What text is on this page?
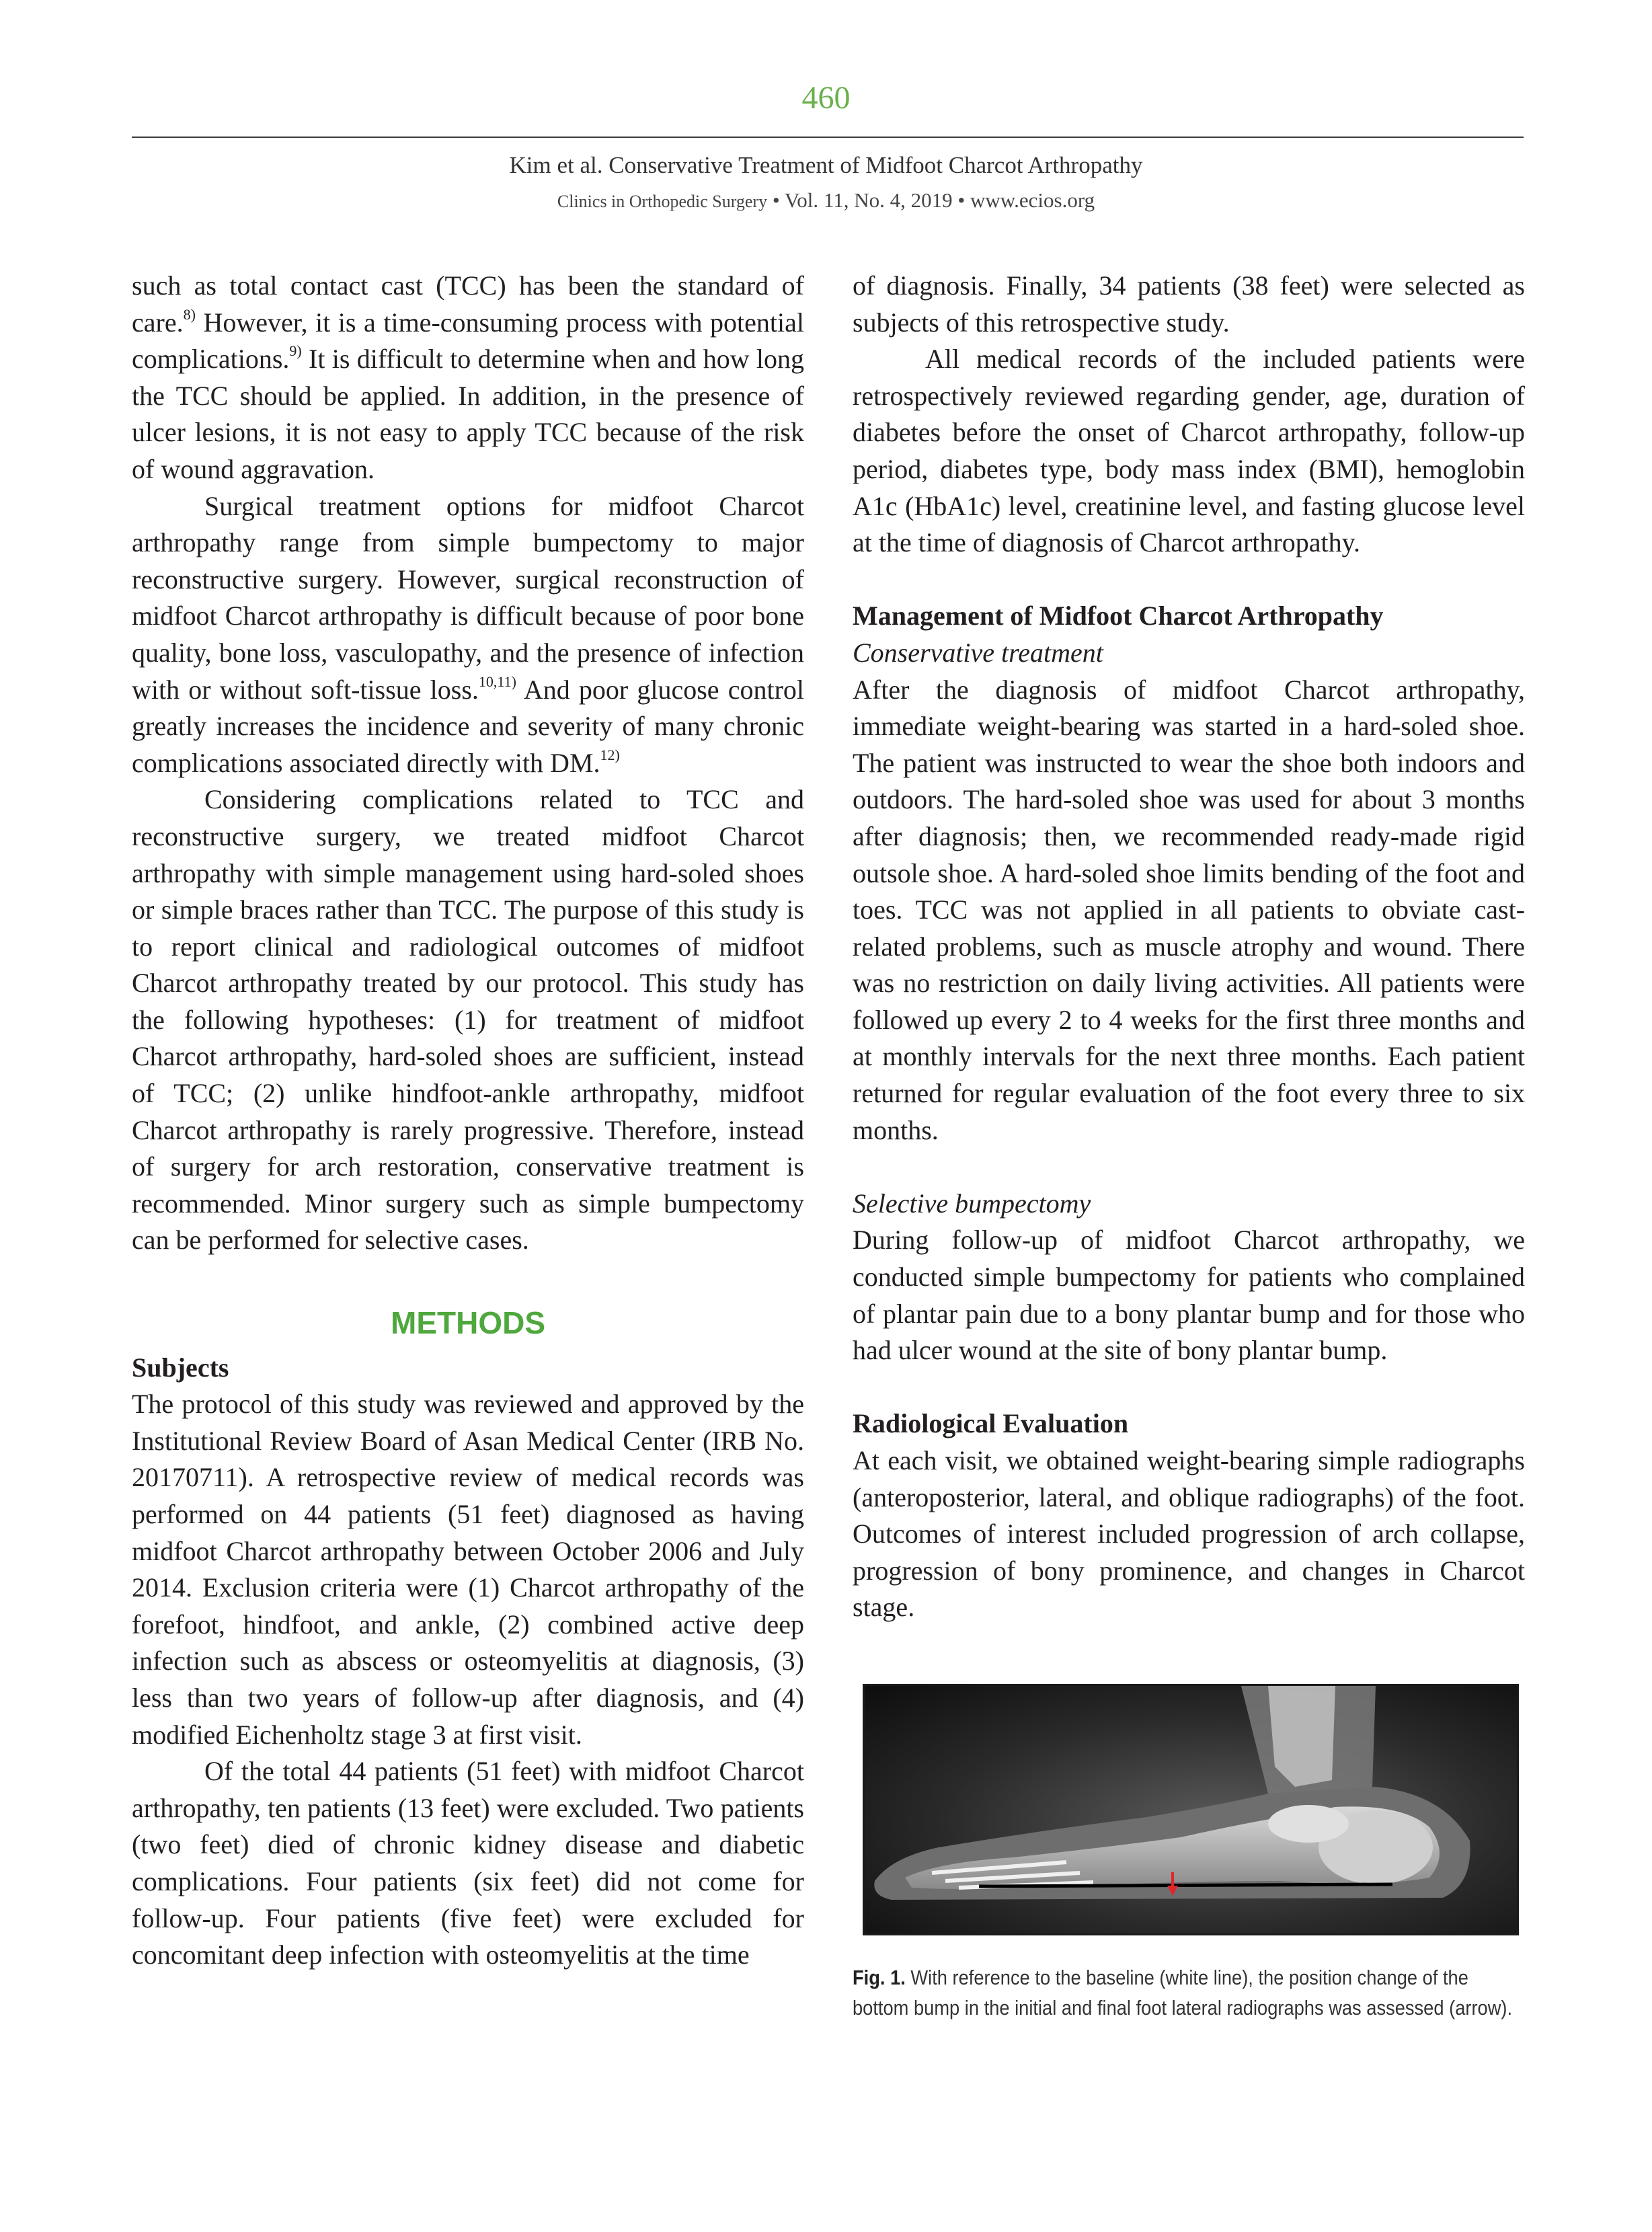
460
Kim et al. Conservative Treatment of Midfoot Charcot Arthropathy
Clinics in Orthopedic Surgery • Vol. 11, No. 4, 2019 • www.ecios.org

such as total contact cast (TCC) has been the standard of care.$^{8)}$ However, it is a time-consuming process with potential complications.$^{9)}$ It is difficult to determine when and how long the TCC should be applied. In addition, in the presence of ulcer lesions, it is not easy to apply TCC because of the risk of wound aggravation.

Surgical treatment options for midfoot Charcot arthropathy range from simple bumpectomy to major reconstructive surgery. However, surgical reconstruction of midfoot Charcot arthropathy is difficult because of poor bone quality, bone loss, vasculopathy, and the presence of infection with or without soft-tissue loss.$^{10,11)}$ And poor glucose control greatly increases the incidence and severity of many chronic complications associated directly with DM.$^{12)}$

Considering complications related to TCC and reconstructive surgery, we treated midfoot Charcot arthropathy with simple management using hard-soled shoes or simple braces rather than TCC. The purpose of this study is to report clinical and radiological outcomes of midfoot Charcot arthropathy treated by our protocol. This study has the following hypotheses: (1) for treatment of midfoot Charcot arthropathy, hard-soled shoes are sufficient, instead of TCC; (2) unlike hindfoot-ankle arthropathy, midfoot Charcot arthropathy is rarely progressive. Therefore, instead of surgery for arch restoration, conservative treatment is recommended. Minor surgery such as simple bumpectomy can be performed for selective cases.

METHODS

Subjects

The protocol of this study was reviewed and approved by the Institutional Review Board of Asan Medical Center (IRB No. 20170711). A retrospective review of medical records was performed on 44 patients (51 feet) diagnosed as having midfoot Charcot arthropathy between October 2006 and July 2014. Exclusion criteria were (1) Charcot arthropathy of the forefoot, hindfoot, and ankle, (2) combined active deep infection such as abscess or osteomyelitis at diagnosis, (3) less than two years of follow-up after diagnosis, and (4) modified Eichenholtz stage 3 at first visit.

Of the total 44 patients (51 feet) with midfoot Charcot arthropathy, ten patients (13 feet) were excluded. Two patients (two feet) died of chronic kidney disease and diabetic complications. Four patients (six feet) did not come for follow-up. Four patients (five feet) were excluded for concomitant deep infection with osteomyelitis at the time

of diagnosis. Finally, 34 patients (38 feet) were selected as subjects of this retrospective study.

All medical records of the included patients were retrospectively reviewed regarding gender, age, duration of diabetes before the onset of Charcot arthropathy, follow-up period, diabetes type, body mass index (BMI), hemoglobin A1c (HbA1c) level, creatinine level, and fasting glucose level at the time of diagnosis of Charcot arthropathy.

Management of Midfoot Charcot Arthropathy

Conservative treatment

After the diagnosis of midfoot Charcot arthropathy, immediate weight-bearing was started in a hard-soled shoe. The patient was instructed to wear the shoe both indoors and outdoors. The hard-soled shoe was used for about 3 months after diagnosis; then, we recommended ready-made rigid outsole shoe. A hard-soled shoe limits bending of the foot and toes. TCC was not applied in all patients to obviate cast-related problems, such as muscle atrophy and wound. There was no restriction on daily living activities. All patients were followed up every 2 to 4 weeks for the first three months and at monthly intervals for the next three months. Each patient returned for regular evaluation of the foot every three to six months.

Selective bumpectomy

During follow-up of midfoot Charcot arthropathy, we conducted simple bumpectomy for patients who complained of plantar pain due to a bony plantar bump and for those who had ulcer wound at the site of bony plantar bump.

Radiological Evaluation

At each visit, we obtained weight-bearing simple radiographs (anteroposterior, lateral, and oblique radiographs) of the foot. Outcomes of interest included progression of arch collapse, progression of bony prominence, and changes in Charcot stage.

Fig. 1. With reference to the baseline (white line), the position change of the bottom bump in the initial and final foot lateral radiographs was assessed (arrow).
